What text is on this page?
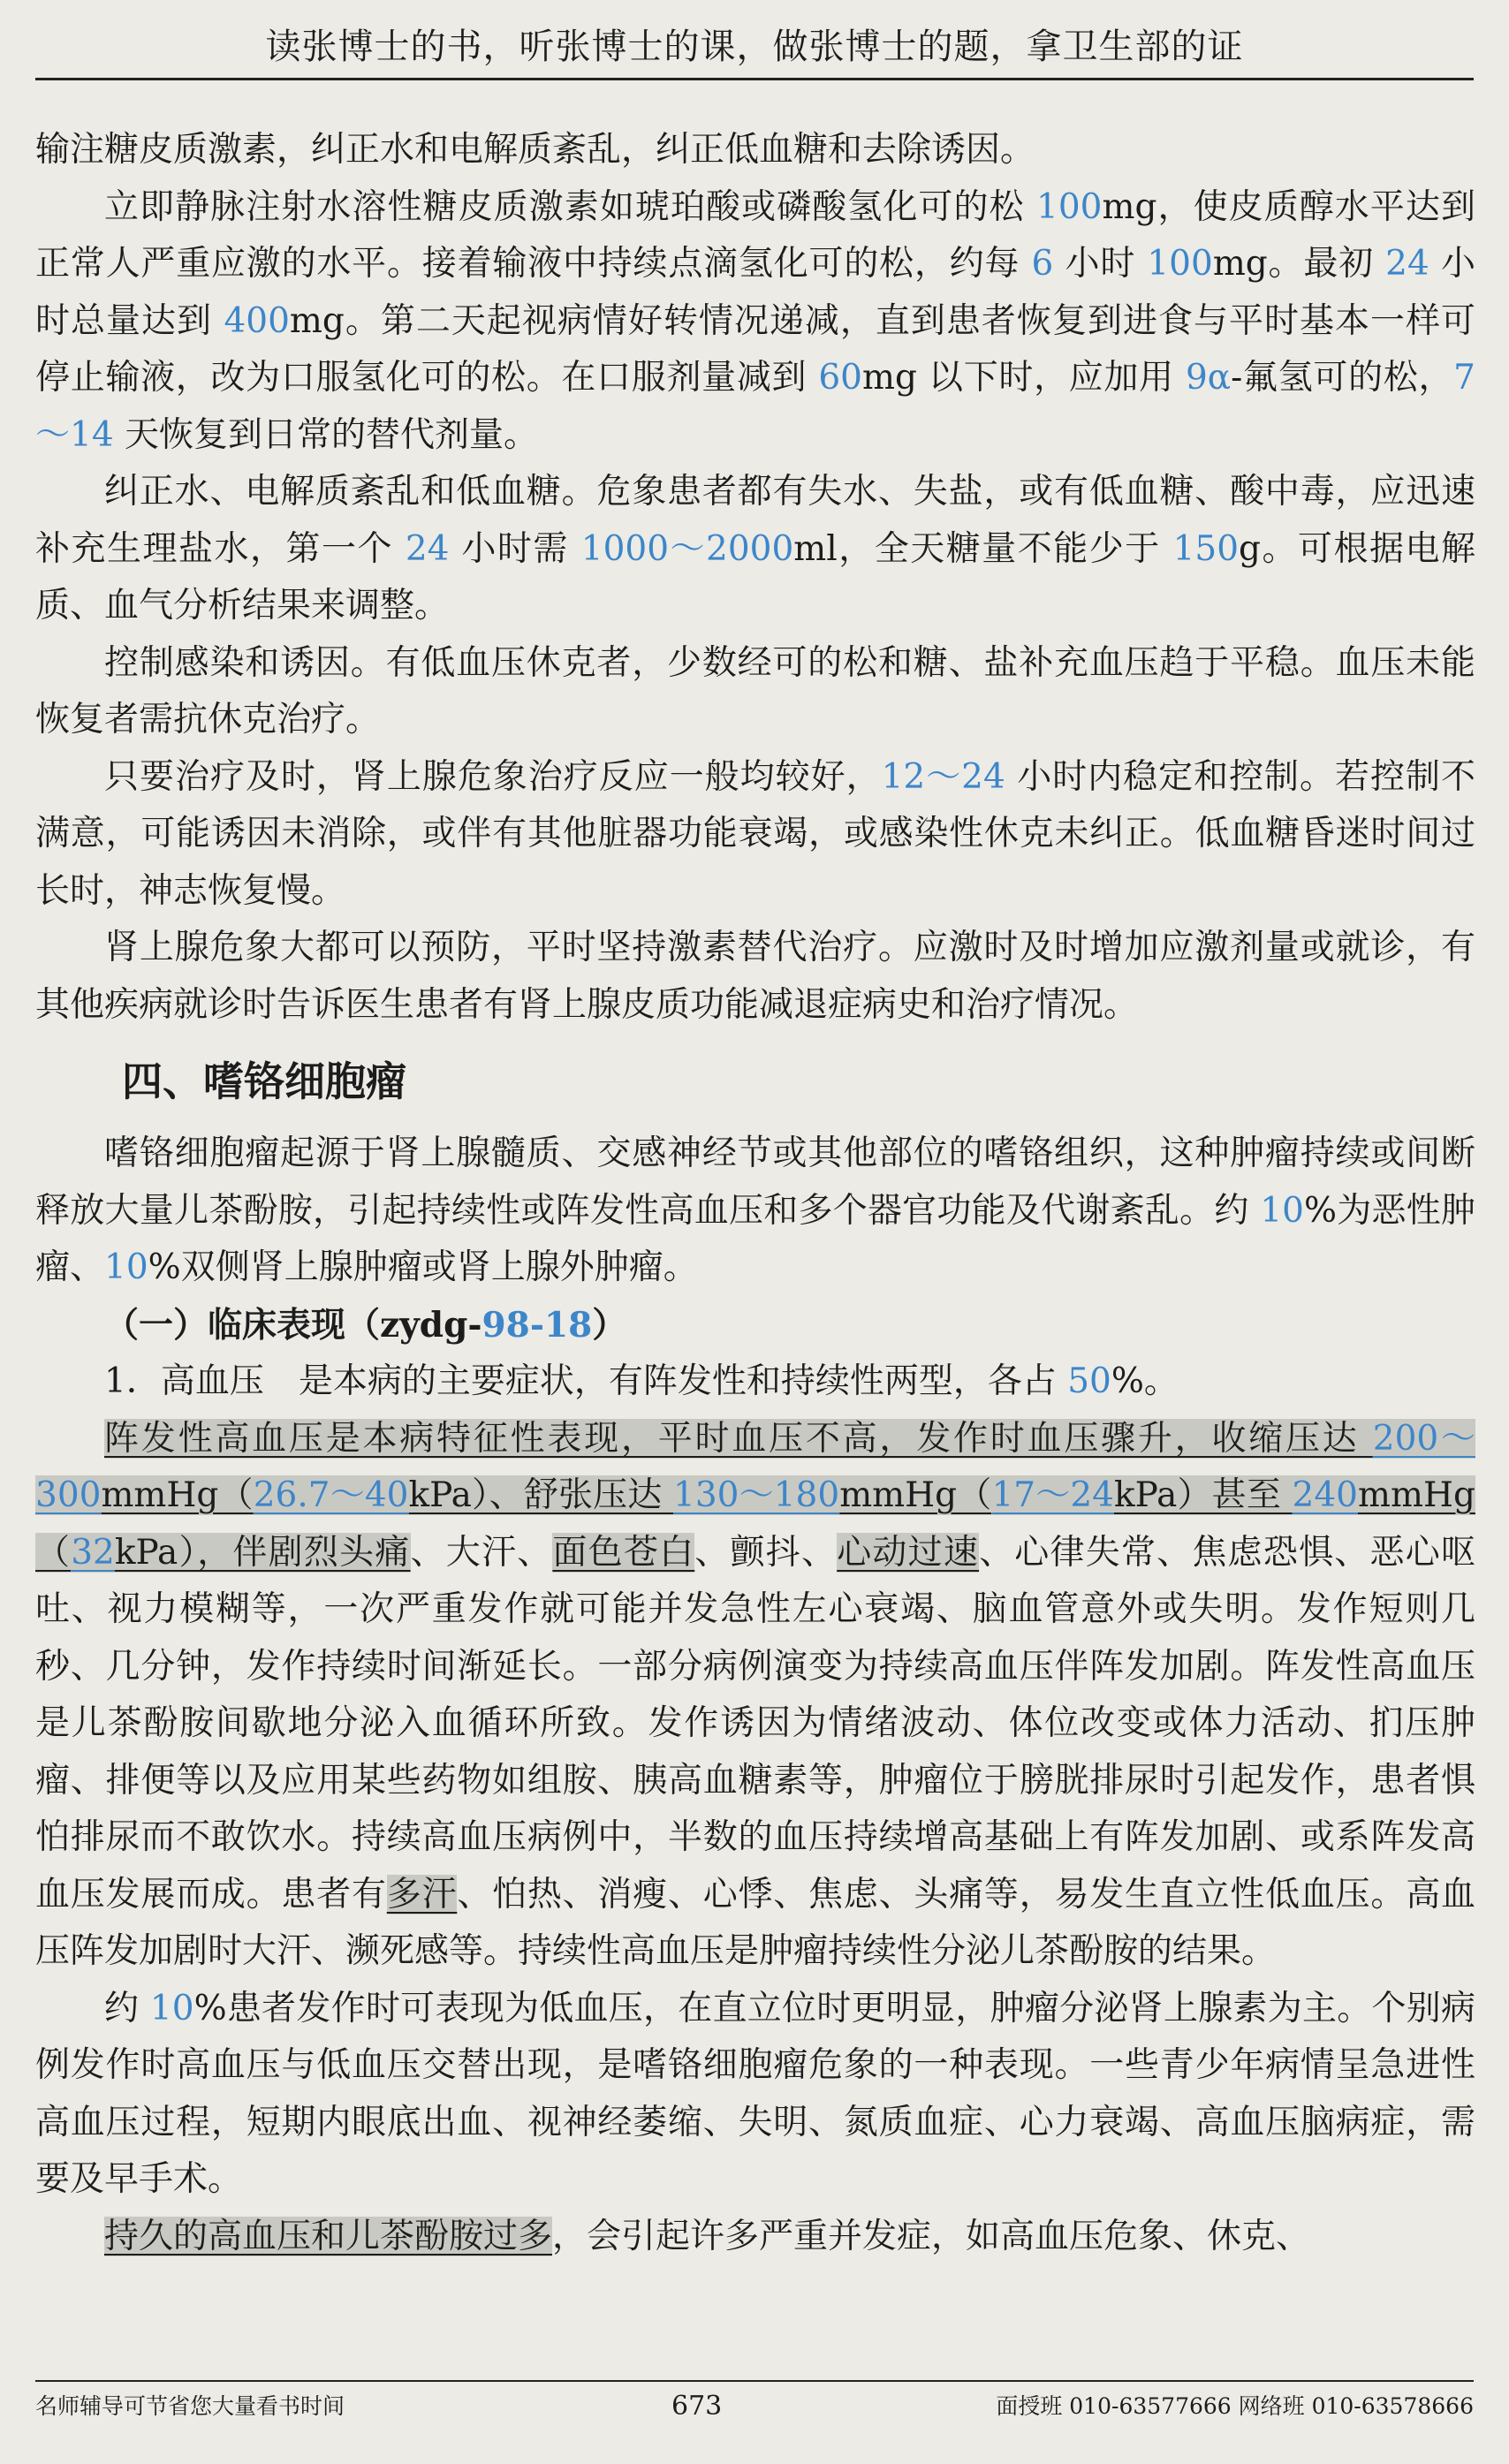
读张博士的书，听张博士的课，做张博士的题，拿卫生部的证

输注糖皮质激素，纠正水和电解质紊乱，纠正低血糖和去除诱因。

立即静脉注射水溶性糖皮质激素如琥珀酸或磷酸氢化可的松 100mg，使皮质醇水平达到正常人严重应激的水平。接着输液中持续点滴氢化可的松，约每 6 小时 100mg。最初 24 小时总量达到 400mg。第二天起视病情好转情况递减，直到患者恢复到进食与平时基本一样可停止输液，改为口服氢化可的松。在口服剂量减到 60mg 以下时，应加用 9α-氟氢可的松，7～14 天恢复到日常的替代剂量。

纠正水、电解质紊乱和低血糖。危象患者都有失水、失盐，或有低血糖、酸中毒，应迅速补充生理盐水，第一个 24 小时需 1000～2000ml，全天糖量不能少于 150g。可根据电解质、血气分析结果来调整。

控制感染和诱因。有低血压休克者，少数经可的松和糖、盐补充血压趋于平稳。血压未能恢复者需抗休克治疗。

只要治疗及时，肾上腺危象治疗反应一般均较好，12～24 小时内稳定和控制。若控制不满意，可能诱因未消除，或伴有其他脏器功能衰竭，或感染性休克未纠正。低血糖昏迷时间过长时，神志恢复慢。

肾上腺危象大都可以预防，平时坚持激素替代治疗。应激时及时增加应激剂量或就诊，有其他疾病就诊时告诉医生患者有肾上腺皮质功能减退症病史和治疗情况。

四、嗜铬细胞瘤

嗜铬细胞瘤起源于肾上腺髓质、交感神经节或其他部位的嗜铬组织，这种肿瘤持续或间断释放大量儿茶酚胺，引起持续性或阵发性高血压和多个器官功能及代谢紊乱。约 10%为恶性肿瘤、10%双侧肾上腺肿瘤或肾上腺外肿瘤。

（一）临床表现（zydg-98-18）

1．高血压　是本病的主要症状，有阵发性和持续性两型，各占 50%。

阵发性高血压是本病特征性表现，平时血压不高，发作时血压骤升，收缩压达 200～300mmHg（26.7～40kPa）、舒张压达 130～180mmHg（17～24kPa）甚至 240mmHg（32kPa），伴剧烈头痛、大汗、面色苍白、颤抖、心动过速、心律失常、焦虑恐惧、恶心呕吐、视力模糊等，一次严重发作就可能并发急性左心衰竭、脑血管意外或失明。发作短则几秒、几分钟，发作持续时间渐延长。一部分病例演变为持续高血压伴阵发加剧。阵发性高血压是儿茶酚胺间歇地分泌入血循环所致。发作诱因为情绪波动、体位改变或体力活动、扪压肿瘤、排便等以及应用某些药物如组胺、胰高血糖素等，肿瘤位于膀胱排尿时引起发作，患者惧怕排尿而不敢饮水。持续高血压病例中，半数的血压持续增高基础上有阵发加剧、或系阵发高血压发展而成。患者有多汗、怕热、消瘦、心悸、焦虑、头痛等，易发生直立性低血压。高血压阵发加剧时大汗、濒死感等。持续性高血压是肿瘤持续性分泌儿茶酚胺的结果。

约 10%患者发作时可表现为低血压，在直立位时更明显，肿瘤分泌肾上腺素为主。个别病例发作时高血压与低血压交替出现，是嗜铬细胞瘤危象的一种表现。一些青少年病情呈急进性高血压过程，短期内眼底出血、视神经萎缩、失明、氮质血症、心力衰竭、高血压脑病症，需要及早手术。

持久的高血压和儿茶酚胺过多，会引起许多严重并发症，如高血压危象、休克、

名师辅导可节省您大量看书时间	673	面授班 010-63577666 网络班 010-63578666
